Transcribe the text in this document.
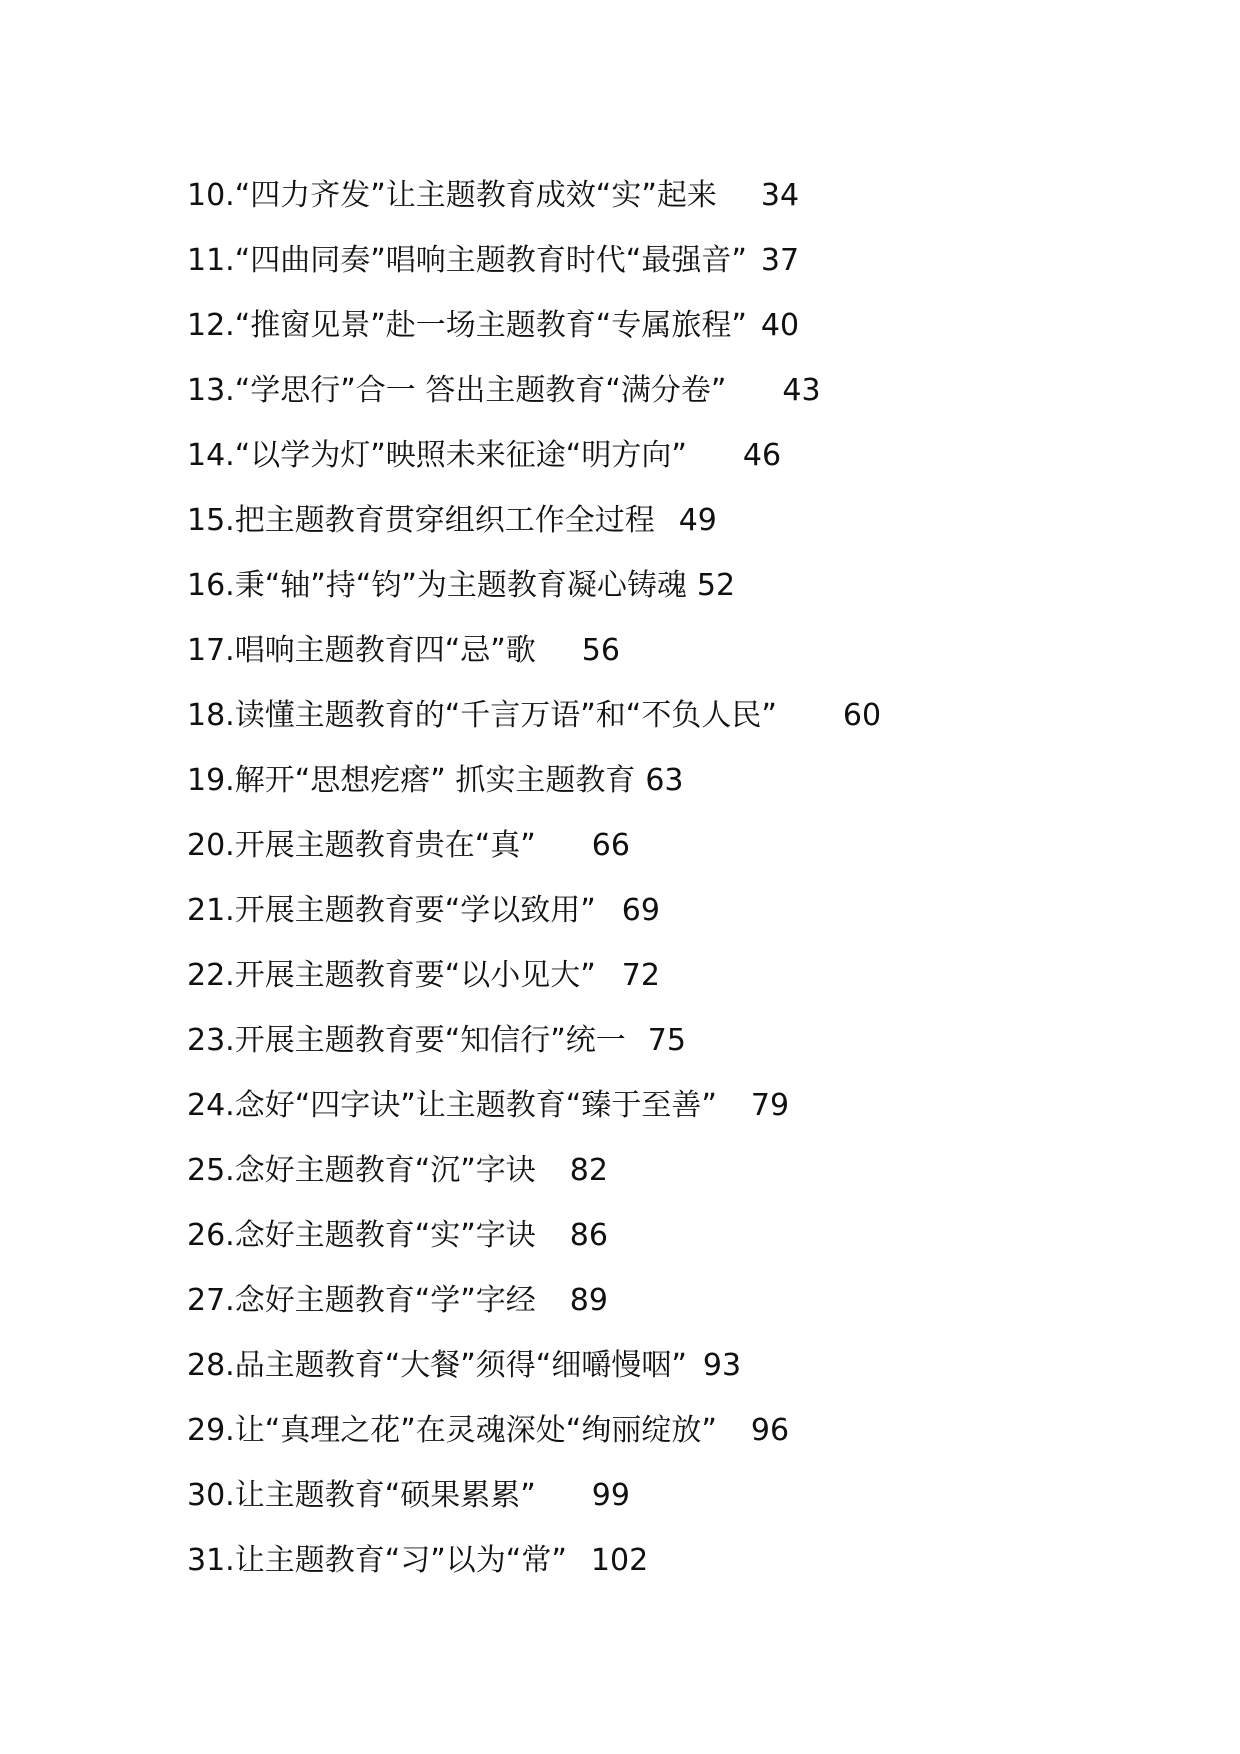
10.“四力齐发”让主题教育成效“实”起来 34
11.“四曲同奏”唱响主题教育时代“最强音” 37
12.“推窗见景”赴一场主题教育“专属旅程” 40
13.“学思行”合一 答出主题教育“满分卷” 43
14.“以学为灯”映照未来征途“明方向” 46
15.把主题教育贯穿组织工作全过程 49
16.秉“轴”持“钧”为主题教育凝心铸魂 52
17.唱响主题教育四“忌”歌 56
18.读懂主题教育的“千言万语”和“不负人民” 60
19.解开“思想疙瘩” 抓实主题教育 63
20.开展主题教育贵在“真” 66
21.开展主题教育要“学以致用” 69
22.开展主题教育要“以小见大” 72
23.开展主题教育要“知信行”统一 75
24.念好“四字诀”让主题教育“臻于至善” 79
25.念好主题教育“沉”字诀 82
26.念好主题教育“实”字诀 86
27.念好主题教育“学”字经 89
28.品主题教育“大餐”须得“细嚼慢咽” 93
29.让“真理之花”在灵魂深处“绚丽绽放” 96
30.让主题教育“硕果累累” 99
31.让主题教育“习”以为“常” 102
